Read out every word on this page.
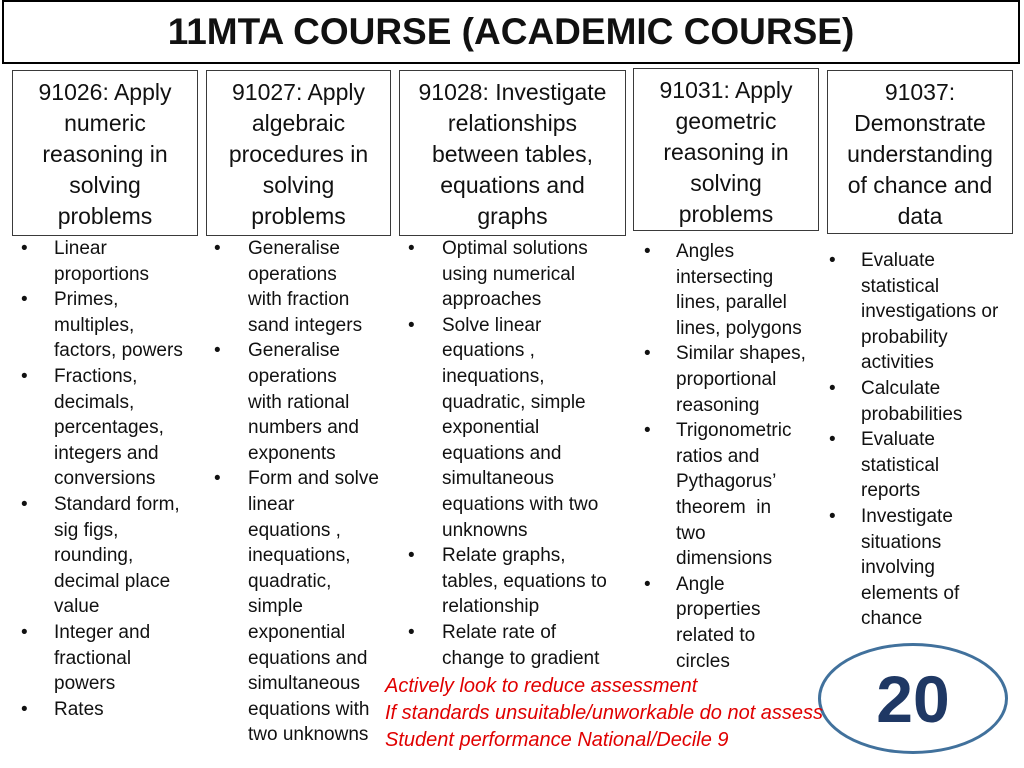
11MTA COURSE (ACADEMIC COURSE)
91026: Apply
numeric
reasoning in
solving
problems
91027: Apply
algebraic
procedures in
solving
problems
91028: Investigate
relationships
between tables,
equations and
graphs
91031: Apply
geometric
reasoning in
solving
problems
91037:
Demonstrate
understanding
of chance and
data
•
Linear
proportions
•
Primes,
multiples,
factors, powers
•
Fractions,
decimals,
percentages,
integers and
conversions
•
Standard form,
sig figs,
rounding,
decimal place
value
•
Integer and
fractional
powers
•
Rates
•
Generalise
operations
with fraction
sand integers
•
Generalise
operations
with rational
numbers and
exponents
•
Form and solve
linear
equations ,
inequations,
quadratic,
simple
exponential
equations and
simultaneous
equations with
two unknowns
•
Optimal solutions
using numerical
approaches
•
Solve linear
equations ,
inequations,
quadratic, simple
exponential
equations and
simultaneous
equations with two
unknowns
•
Relate graphs,
tables, equations to
relationship
•
Relate rate of
change to gradient
•
Angles
intersecting
lines, parallel
lines, polygons
•
Similar shapes,
proportional
reasoning
•
Trigonometric
ratios and
Pythagorus’
theorem  in
two
dimensions
•
Angle
properties
related to
circles
•
Evaluate
statistical
investigations or
probability
activities
•
Calculate
probabilities
•
Evaluate
statistical
reports
•
Investigate
situations
involving
elements of
chance
Actively look to reduce assessment
If standards unsuitable/unworkable do not assess
Student performance National/Decile 9
20
